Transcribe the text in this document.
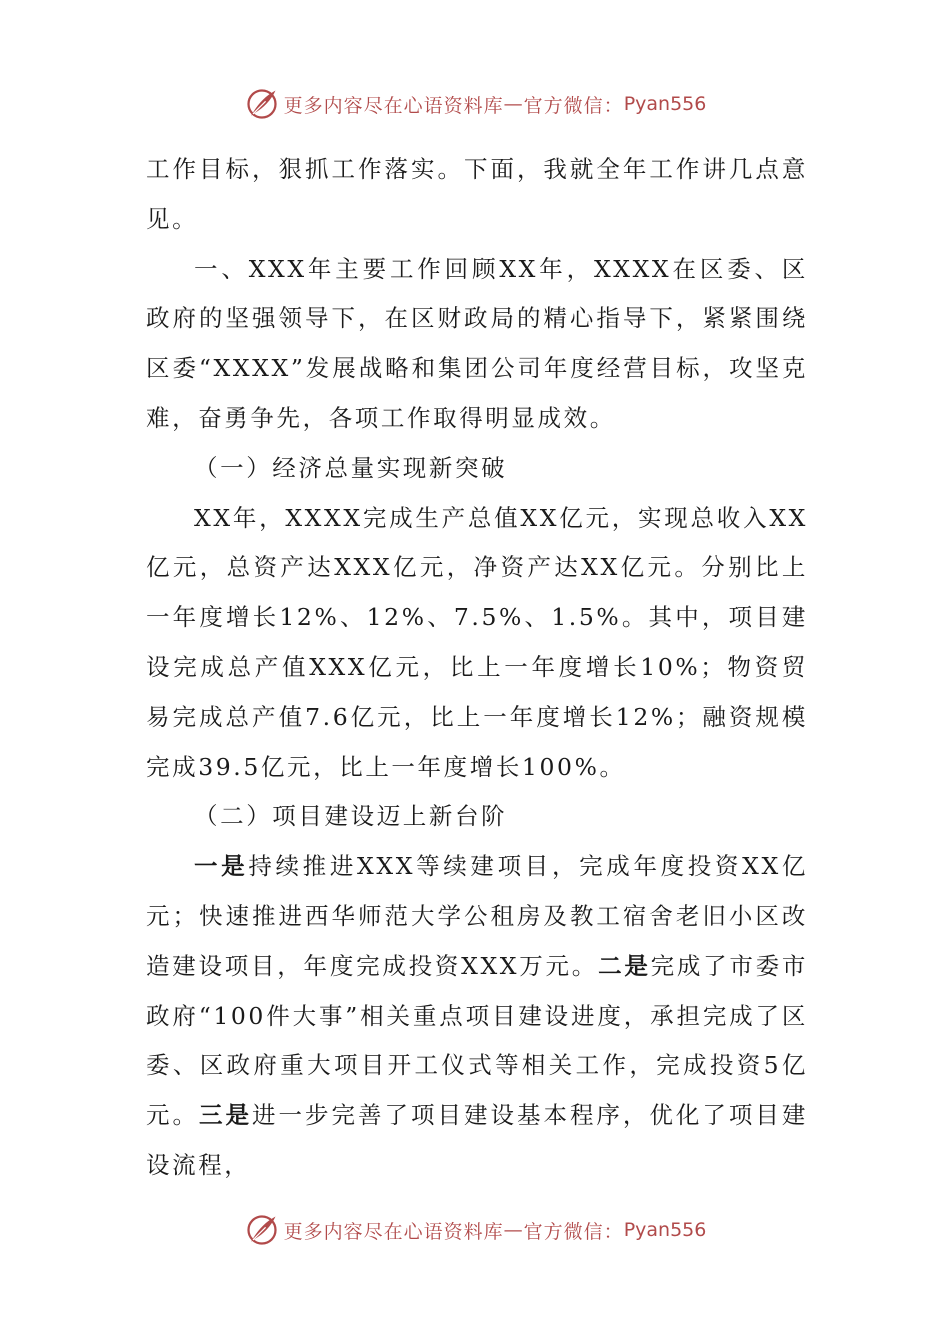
更多内容尽在心语资料库 — 官方微信： Pyan556

工作目标，狠抓工作落实。下面，我就全年工作讲几点意见。

一、XXX年主要工作回顾XX年，XXXX在区委、区政府的坚强领导下，在区财政局的精心指导下，紧紧围绕区委“XXXX”发展战略和集团公司年度经营目标，攻坚克难，奋勇争先，各项工作取得明显成效。

（一）经济总量实现新突破

XX年，XXXX完成生产总值XX亿元，实现总收入XX亿元，总资产达XXX亿元，净资产达XX亿元。分别比上一年度增长12%、12%、7.5%、1.5%。其中，项目建设完成总产值XXX亿元，比上一年度增长10%；物资贸易完成总产值7.6亿元，比上一年度增长12%；融资规模完成39.5亿元，比上一年度增长100%。

（二）项目建设迈上新台阶

一是持续推进XXX等续建项目，完成年度投资XX亿元；快速推进西华师范大学公租房及教工宿舍老旧小区改造建设项目，年度完成投资XXX万元。二是完成了市委市政府“100件大事”相关重点项目建设进度，承担完成了区委、区政府重大项目开工仪式等相关工作，完成投资5亿元。三是进一步完善了项目建设基本程序，优化了项目建设流程，

更多内容尽在心语资料库 — 官方微信： Pyan556
